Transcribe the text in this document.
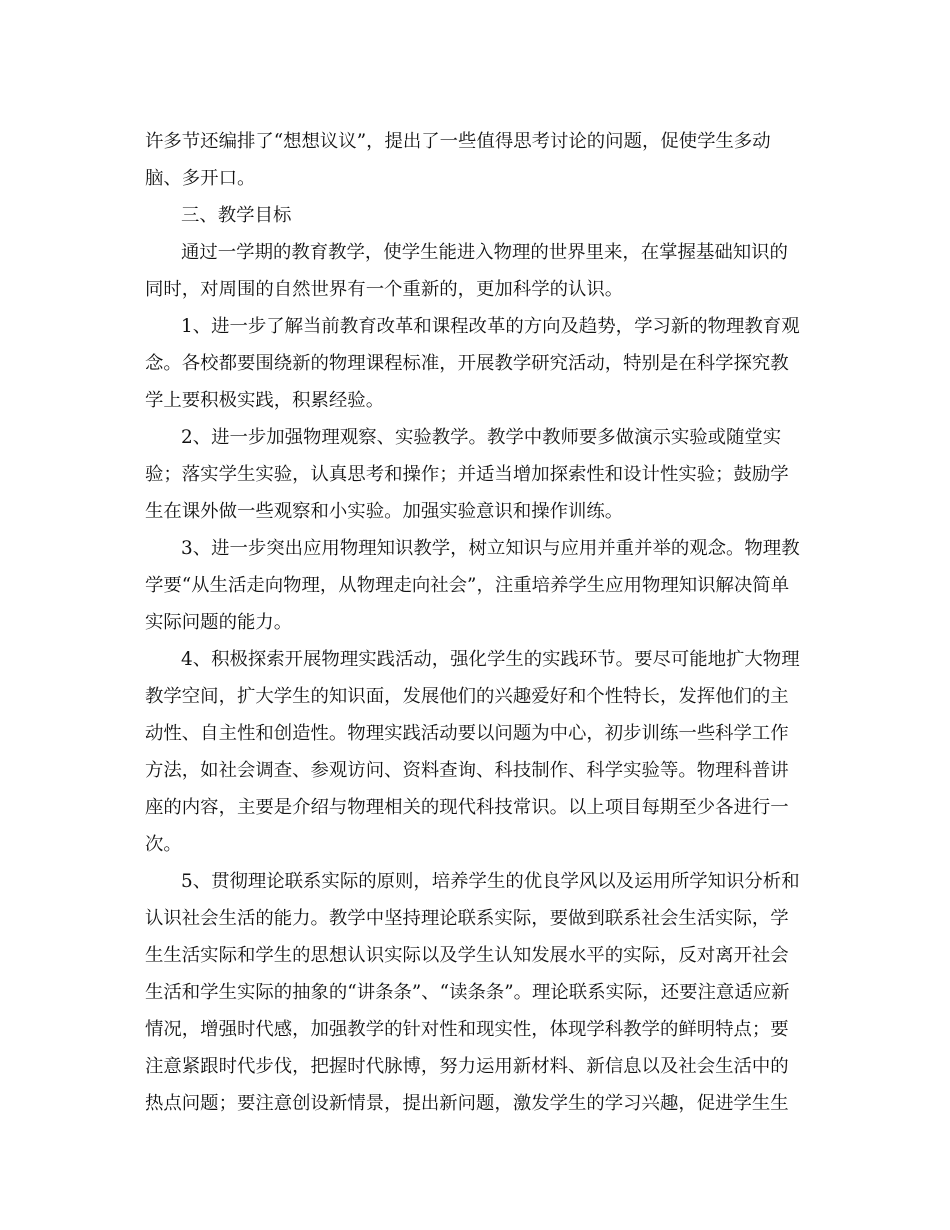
许多节还编排了“想想议议”，提出了一些值得思考讨论的问题，促使学生多动
脑、多开口。
三、教学目标
通过一学期的教育教学，使学生能进入物理的世界里来，在掌握基础知识的
同时，对周围的自然世界有一个重新的，更加科学的认识。
1、进一步了解当前教育改革和课程改革的方向及趋势，学习新的物理教育观
念。各校都要围绕新的物理课程标准，开展教学研究活动，特别是在科学探究教
学上要积极实践，积累经验。
2、进一步加强物理观察、实验教学。教学中教师要多做演示实验或随堂实
验；落实学生实验，认真思考和操作；并适当增加探索性和设计性实验；鼓励学
生在课外做一些观察和小实验。加强实验意识和操作训练。
3、进一步突出应用物理知识教学，树立知识与应用并重并举的观念。物理教
学要“从生活走向物理，从物理走向社会”，注重培养学生应用物理知识解决简单
实际问题的能力。
4、积极探索开展物理实践活动，强化学生的实践环节。要尽可能地扩大物理
教学空间，扩大学生的知识面，发展他们的兴趣爱好和个性特长，发挥他们的主
动性、自主性和创造性。物理实践活动要以问题为中心，初步训练一些科学工作
方法，如社会调查、参观访问、资料查询、科技制作、科学实验等。物理科普讲
座的内容，主要是介绍与物理相关的现代科技常识。以上项目每期至少各进行一
次。
5、贯彻理论联系实际的原则，培养学生的优良学风以及运用所学知识分析和
认识社会生活的能力。教学中坚持理论联系实际，要做到联系社会生活实际，学
生生活实际和学生的思想认识实际以及学生认知发展水平的实际，反对离开社会
生活和学生实际的抽象的“讲条条”、“读条条”。理论联系实际，还要注意适应新
情况，增强时代感，加强教学的针对性和现实性，体现学科教学的鲜明特点；要
注意紧跟时代步伐，把握时代脉博，努力运用新材料、新信息以及社会生活中的
热点问题；要注意创设新情景，提出新问题，激发学生的学习兴趣，促进学生生
